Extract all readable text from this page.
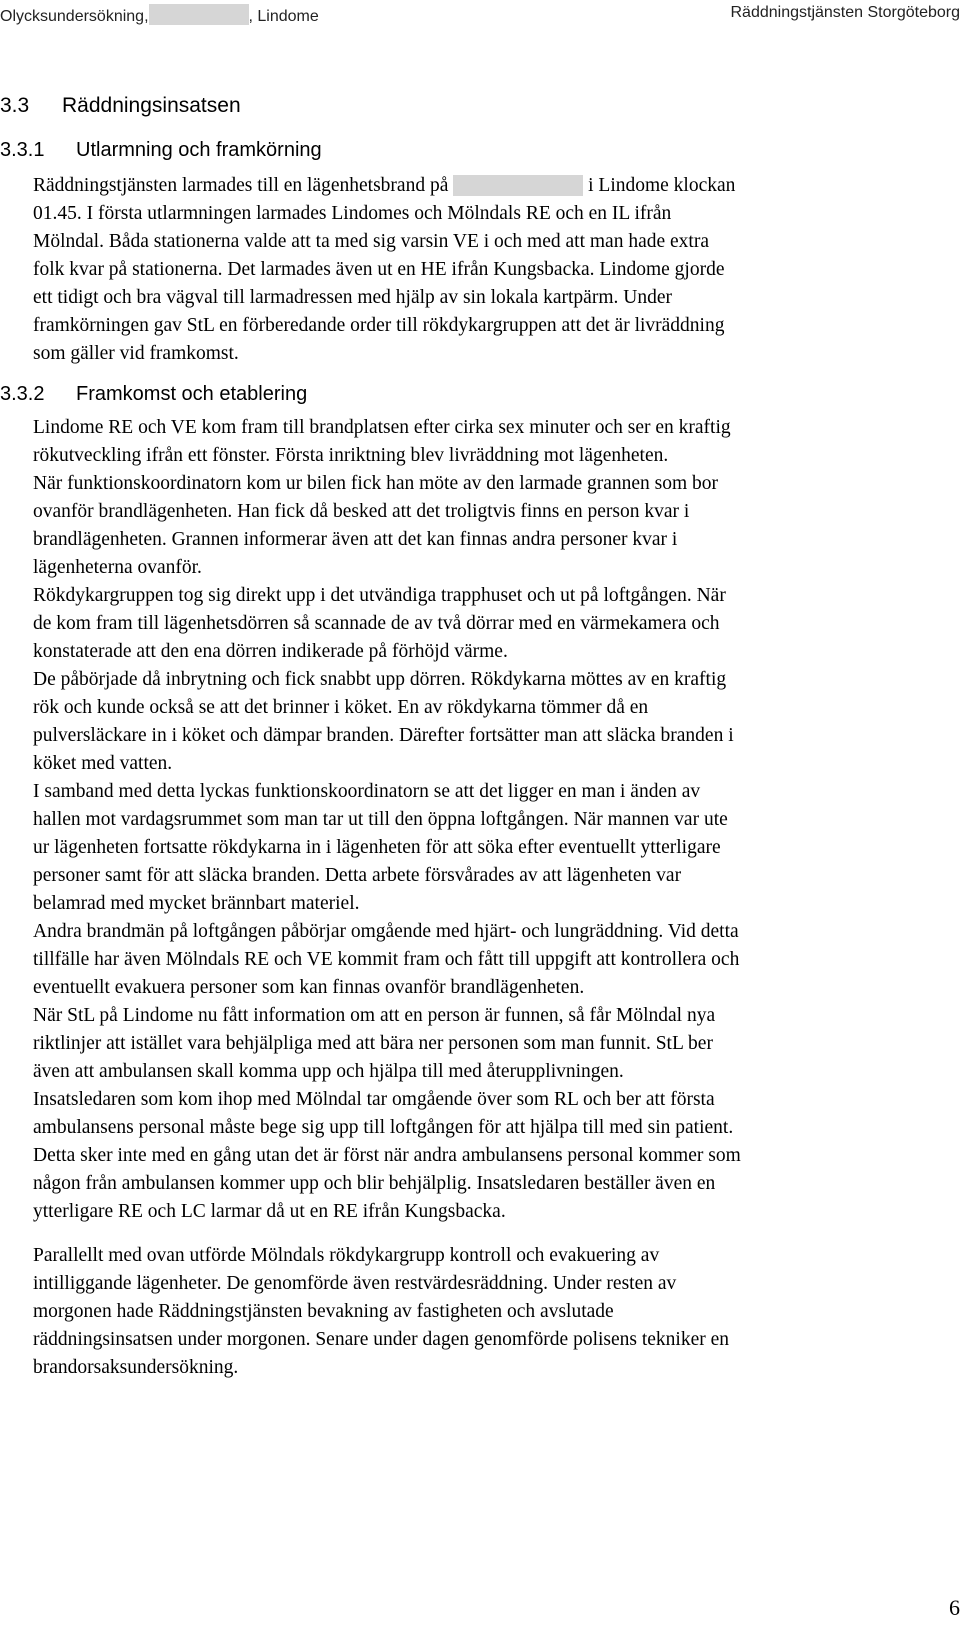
Olycksundersökning,	, Lindome	Räddningstjänsten Storgöteborg
3.3 Räddningsinsatsen
3.3.1 Utlarmning och framkörning
Räddningstjänsten larmades till en lägenhetsbrand på	i Lindome klockan
01.45. I första utlarmningen larmades Lindomes och Mölndals RE och en IL ifrån
Mölndal. Båda stationerna valde att ta med sig varsin VE i och med att man hade extra
folk kvar på stationerna. Det larmades även ut en HE ifrån Kungsbacka. Lindome gjorde
ett tidigt och bra vägval till larmadressen med hjälp av sin lokala kartpärm. Under
framkörningen gav StL en förberedande order till rökdykargruppen att det är livräddning
som gäller vid framkomst.
3.3.2 Framkomst och etablering
Lindome RE och VE kom fram till brandplatsen efter cirka sex minuter och ser en kraftig
rökutveckling ifrån ett fönster. Första inriktning blev livräddning mot lägenheten.
När funktionskoordinatorn kom ur bilen fick han möte av den larmade grannen som bor
ovanför brandlägenheten. Han fick då besked att det troligtvis finns en person kvar i
brandlägenheten. Grannen informerar även att det kan finnas andra personer kvar i
lägenheterna ovanför.
Rökdykargruppen tog sig direkt upp i det utvändiga trapphuset och ut på loftgången. När
de kom fram till lägenhetsdörren så scannade de av två dörrar med en värmekamera och
konstaterade att den ena dörren indikerade på förhöjd värme.
De påbörjade då inbrytning och fick snabbt upp dörren. Rökdykarna möttes av en kraftig
rök och kunde också se att det brinner i köket. En av rökdykarna tömmer då en
pulversläckare in i köket och dämpar branden. Därefter fortsätter man att släcka branden i
köket med vatten.
I samband med detta lyckas funktionskoordinatorn se att det ligger en man i änden av
hallen mot vardagsrummet som man tar ut till den öppna loftgången. När mannen var ute
ur lägenheten fortsatte rökdykarna in i lägenheten för att söka efter eventuellt ytterligare
personer samt för att släcka branden. Detta arbete försvårades av att lägenheten var
belamrad med mycket brännbart materiel.
Andra brandmän på loftgången påbörjar omgående med hjärt- och lungräddning. Vid detta
tillfälle har även Mölndals RE och VE kommit fram och fått till uppgift att kontrollera och
eventuellt evakuera personer som kan finnas ovanför brandlägenheten.
När StL på Lindome nu fått information om att en person är funnen, så får Mölndal nya
riktlinjer att istället vara behjälpliga med att bära ner personen som man funnit. StL ber
även att ambulansen skall komma upp och hjälpa till med återupplivningen.
Insatsledaren som kom ihop med Mölndal tar omgående över som RL och ber att första
ambulansens personal måste bege sig upp till loftgången för att hjälpa till med sin patient.
Detta sker inte med en gång utan det är först när andra ambulansens personal kommer som
någon från ambulansen kommer upp och blir behjälplig. Insatsledaren beställer även en
ytterligare RE och LC larmar då ut en RE ifrån Kungsbacka.
Parallellt med ovan utförde Mölndals rökdykargrupp kontroll och evakuering av
intilliggande lägenheter. De genomförde även restvärdesräddning. Under resten av
morgonen hade Räddningstjänsten bevakning av fastigheten och avslutade
räddningsinsatsen under morgonen. Senare under dagen genomförde polisens tekniker en
brandorsaksundersökning.
6
